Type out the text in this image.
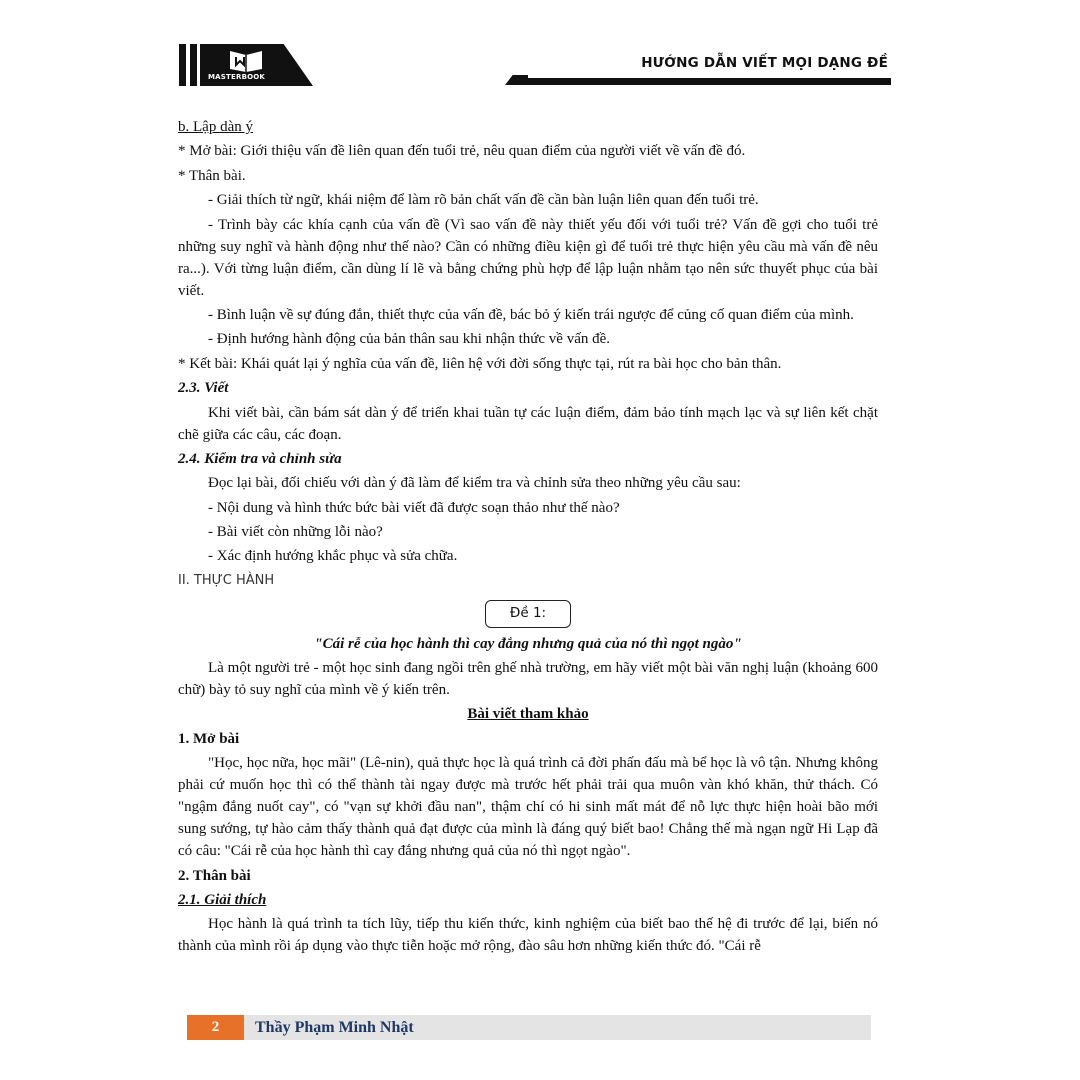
MASTERBOOK
HƯỚNG DẪN VIẾT MỌI DẠNG ĐỀ

b. Lập dàn ý

* Mở bài: Giới thiệu vấn đề liên quan đến tuổi trẻ, nêu quan điểm của người viết về vấn đề đó.

* Thân bài.

- Giải thích từ ngữ, khái niệm để làm rõ bản chất vấn đề cần bàn luận liên quan đến tuổi trẻ.

- Trình bày các khía cạnh của vấn đề (Vì sao vấn đề này thiết yếu đối với tuổi trẻ? Vấn đề gợi cho tuổi trẻ những suy nghĩ và hành động như thế nào? Cần có những điều kiện gì để tuổi trẻ thực hiện yêu cầu mà vấn đề nêu ra...). Với từng luận điểm, cần dùng lí lẽ và bằng chứng phù hợp để lập luận nhằm tạo nên sức thuyết phục của bài viết.

- Bình luận về sự đúng đắn, thiết thực của vấn đề, bác bỏ ý kiến trái ngược để củng cố quan điểm của mình.

- Định hướng hành động của bản thân sau khi nhận thức về vấn đề.

* Kết bài: Khái quát lại ý nghĩa của vấn đề, liên hệ với đời sống thực tại, rút ra bài học cho bản thân.

2.3. Viết

Khi viết bài, cần bám sát dàn ý để triển khai tuần tự các luận điểm, đảm bảo tính mạch lạc và sự liên kết chặt chẽ giữa các câu, các đoạn.

2.4. Kiểm tra và chỉnh sửa

Đọc lại bài, đối chiếu với dàn ý đã làm để kiểm tra và chỉnh sửa theo những yêu cầu sau:

- Nội dung và hình thức bức bài viết đã được soạn thảo như thế nào?

- Bài viết còn những lỗi nào?

- Xác định hướng khắc phục và sửa chữa.

II. THỰC HÀNH

Đề 1:

"Cái rễ của học hành thì cay đắng nhưng quả của nó thì ngọt ngào"

Là một người trẻ - một học sinh đang ngồi trên ghế nhà trường, em hãy viết một bài văn nghị luận (khoảng 600 chữ) bày tỏ suy nghĩ của mình về ý kiến trên.

Bài viết tham khảo

1. Mở bài

"Học, học nữa, học mãi" (Lê-nin), quả thực học là quá trình cả đời phấn đấu mà bể học là vô tận. Nhưng không phải cứ muốn học thì có thể thành tài ngay được mà trước hết phải trải qua muôn vàn khó khăn, thử thách. Có "ngậm đắng nuốt cay", có "vạn sự khởi đầu nan", thậm chí có hi sinh mất mát để nỗ lực thực hiện hoài bão mới sung sướng, tự hào cảm thấy thành quả đạt được của mình là đáng quý biết bao! Chẳng thế mà ngạn ngữ Hi Lạp đã có câu: "Cái rễ của học hành thì cay đắng nhưng quả của nó thì ngọt ngào".

2. Thân bài

2.1. Giải thích

Học hành là quá trình ta tích lũy, tiếp thu kiến thức, kinh nghiệm của biết bao thế hệ đi trước để lại, biến nó thành của mình rồi áp dụng vào thực tiễn hoặc mở rộng, đào sâu hơn những kiến thức đó. "Cái rễ

2	Thầy Phạm Minh Nhật
